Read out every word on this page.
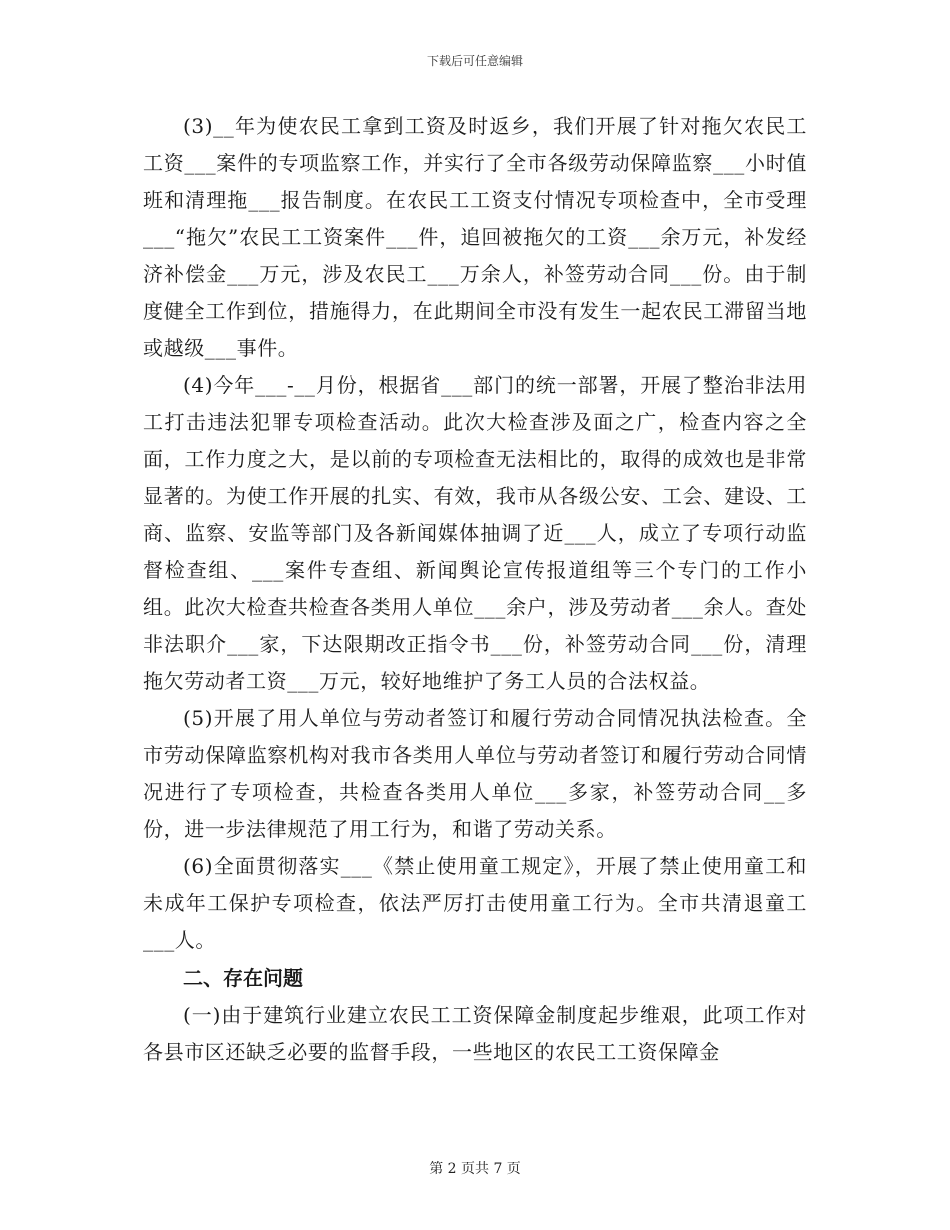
下载后可任意编辑

(3)__年为使农民工拿到工资及时返乡，我们开展了针对拖欠农民工工资___案件的专项监察工作，并实行了全市各级劳动保障监察___小时值班和清理拖___报告制度。在农民工工资支付情况专项检查中，全市受理___“拖欠”农民工工资案件___件，追回被拖欠的工资___余万元，补发经济补偿金___万元，涉及农民工___万余人，补签劳动合同___份。由于制度健全工作到位，措施得力，在此期间全市没有发生一起农民工滞留当地或越级___事件。

(4)今年___-__月份，根据省___部门的统一部署，开展了整治非法用工打击违法犯罪专项检查活动。此次大检查涉及面之广，检查内容之全面，工作力度之大，是以前的专项检查无法相比的，取得的成效也是非常显著的。为使工作开展的扎实、有效，我市从各级公安、工会、建设、工商、监察、安监等部门及各新闻媒体抽调了近___人，成立了专项行动监督检查组、___案件专查组、新闻舆论宣传报道组等三个专门的工作小组。此次大检查共检查各类用人单位___余户，涉及劳动者___余人。查处非法职介___家，下达限期改正指令书___份，补签劳动合同___份，清理拖欠劳动者工资___万元，较好地维护了务工人员的合法权益。

(5)开展了用人单位与劳动者签订和履行劳动合同情况执法检查。全市劳动保障监察机构对我市各类用人单位与劳动者签订和履行劳动合同情况进行了专项检查，共检查各类用人单位___多家，补签劳动合同__多份，进一步法律规范了用工行为，和谐了劳动关系。

(6)全面贯彻落实___《禁止使用童工规定》，开展了禁止使用童工和未成年工保护专项检查，依法严厉打击使用童工行为。全市共清退童工___人。

二、存在问题

(一)由于建筑行业建立农民工工资保障金制度起步维艰，此项工作对各县市区还缺乏必要的监督手段，一些地区的农民工工资保障金

第 2 页共 7 页
